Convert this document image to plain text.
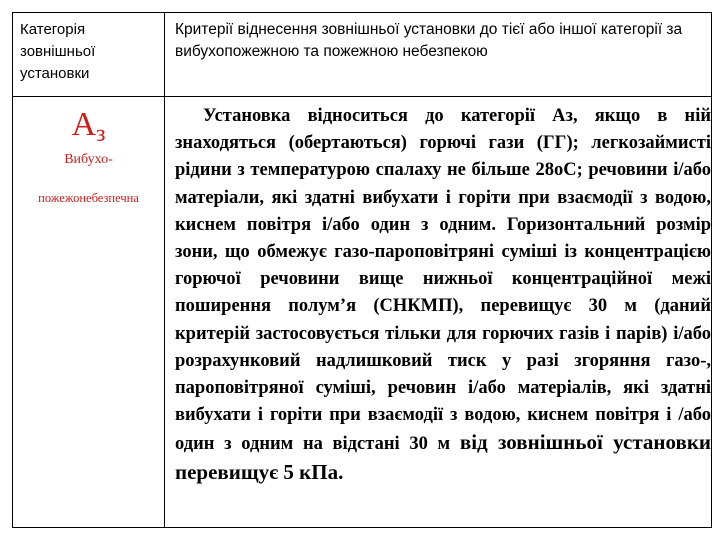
Категорія зовнішньої установки
Критерії віднесення зовнішньої установки до тієї або іншої категорії за вибухопожежною та пожежною небезпекою
$А_з$
Вибухо-
пожежонебезпечна
Установка відноситься до категорії Аз, якщо в ній знаходяться (обертаються) горючі гази (ГГ); легкозаймисті рідини з температурою спалаху не більше 28оС; речовини і/або матеріали, які здатні вибухати і горіти при взаємодії з водою, киснем повітря і/або один з одним. Горизонтальний розмір зони, що обмежує газо-пароповітряні суміші із концентрацією горючої речовини вище нижньої концентраційної межі поширення полум’я (СНКМП), перевищує 30 м (даний критерій застосовується тільки для горючих газів і парів) і/або розрахунковий надлишковий тиск у разі згоряння газо-, пароповітряної суміші, речовин і/або матеріалів, які здатні вибухати і горіти при взаємодії з водою, киснем повітря і /або один з одним на відстані 30 м від зовнішньої установки перевищує 5 кПа.
